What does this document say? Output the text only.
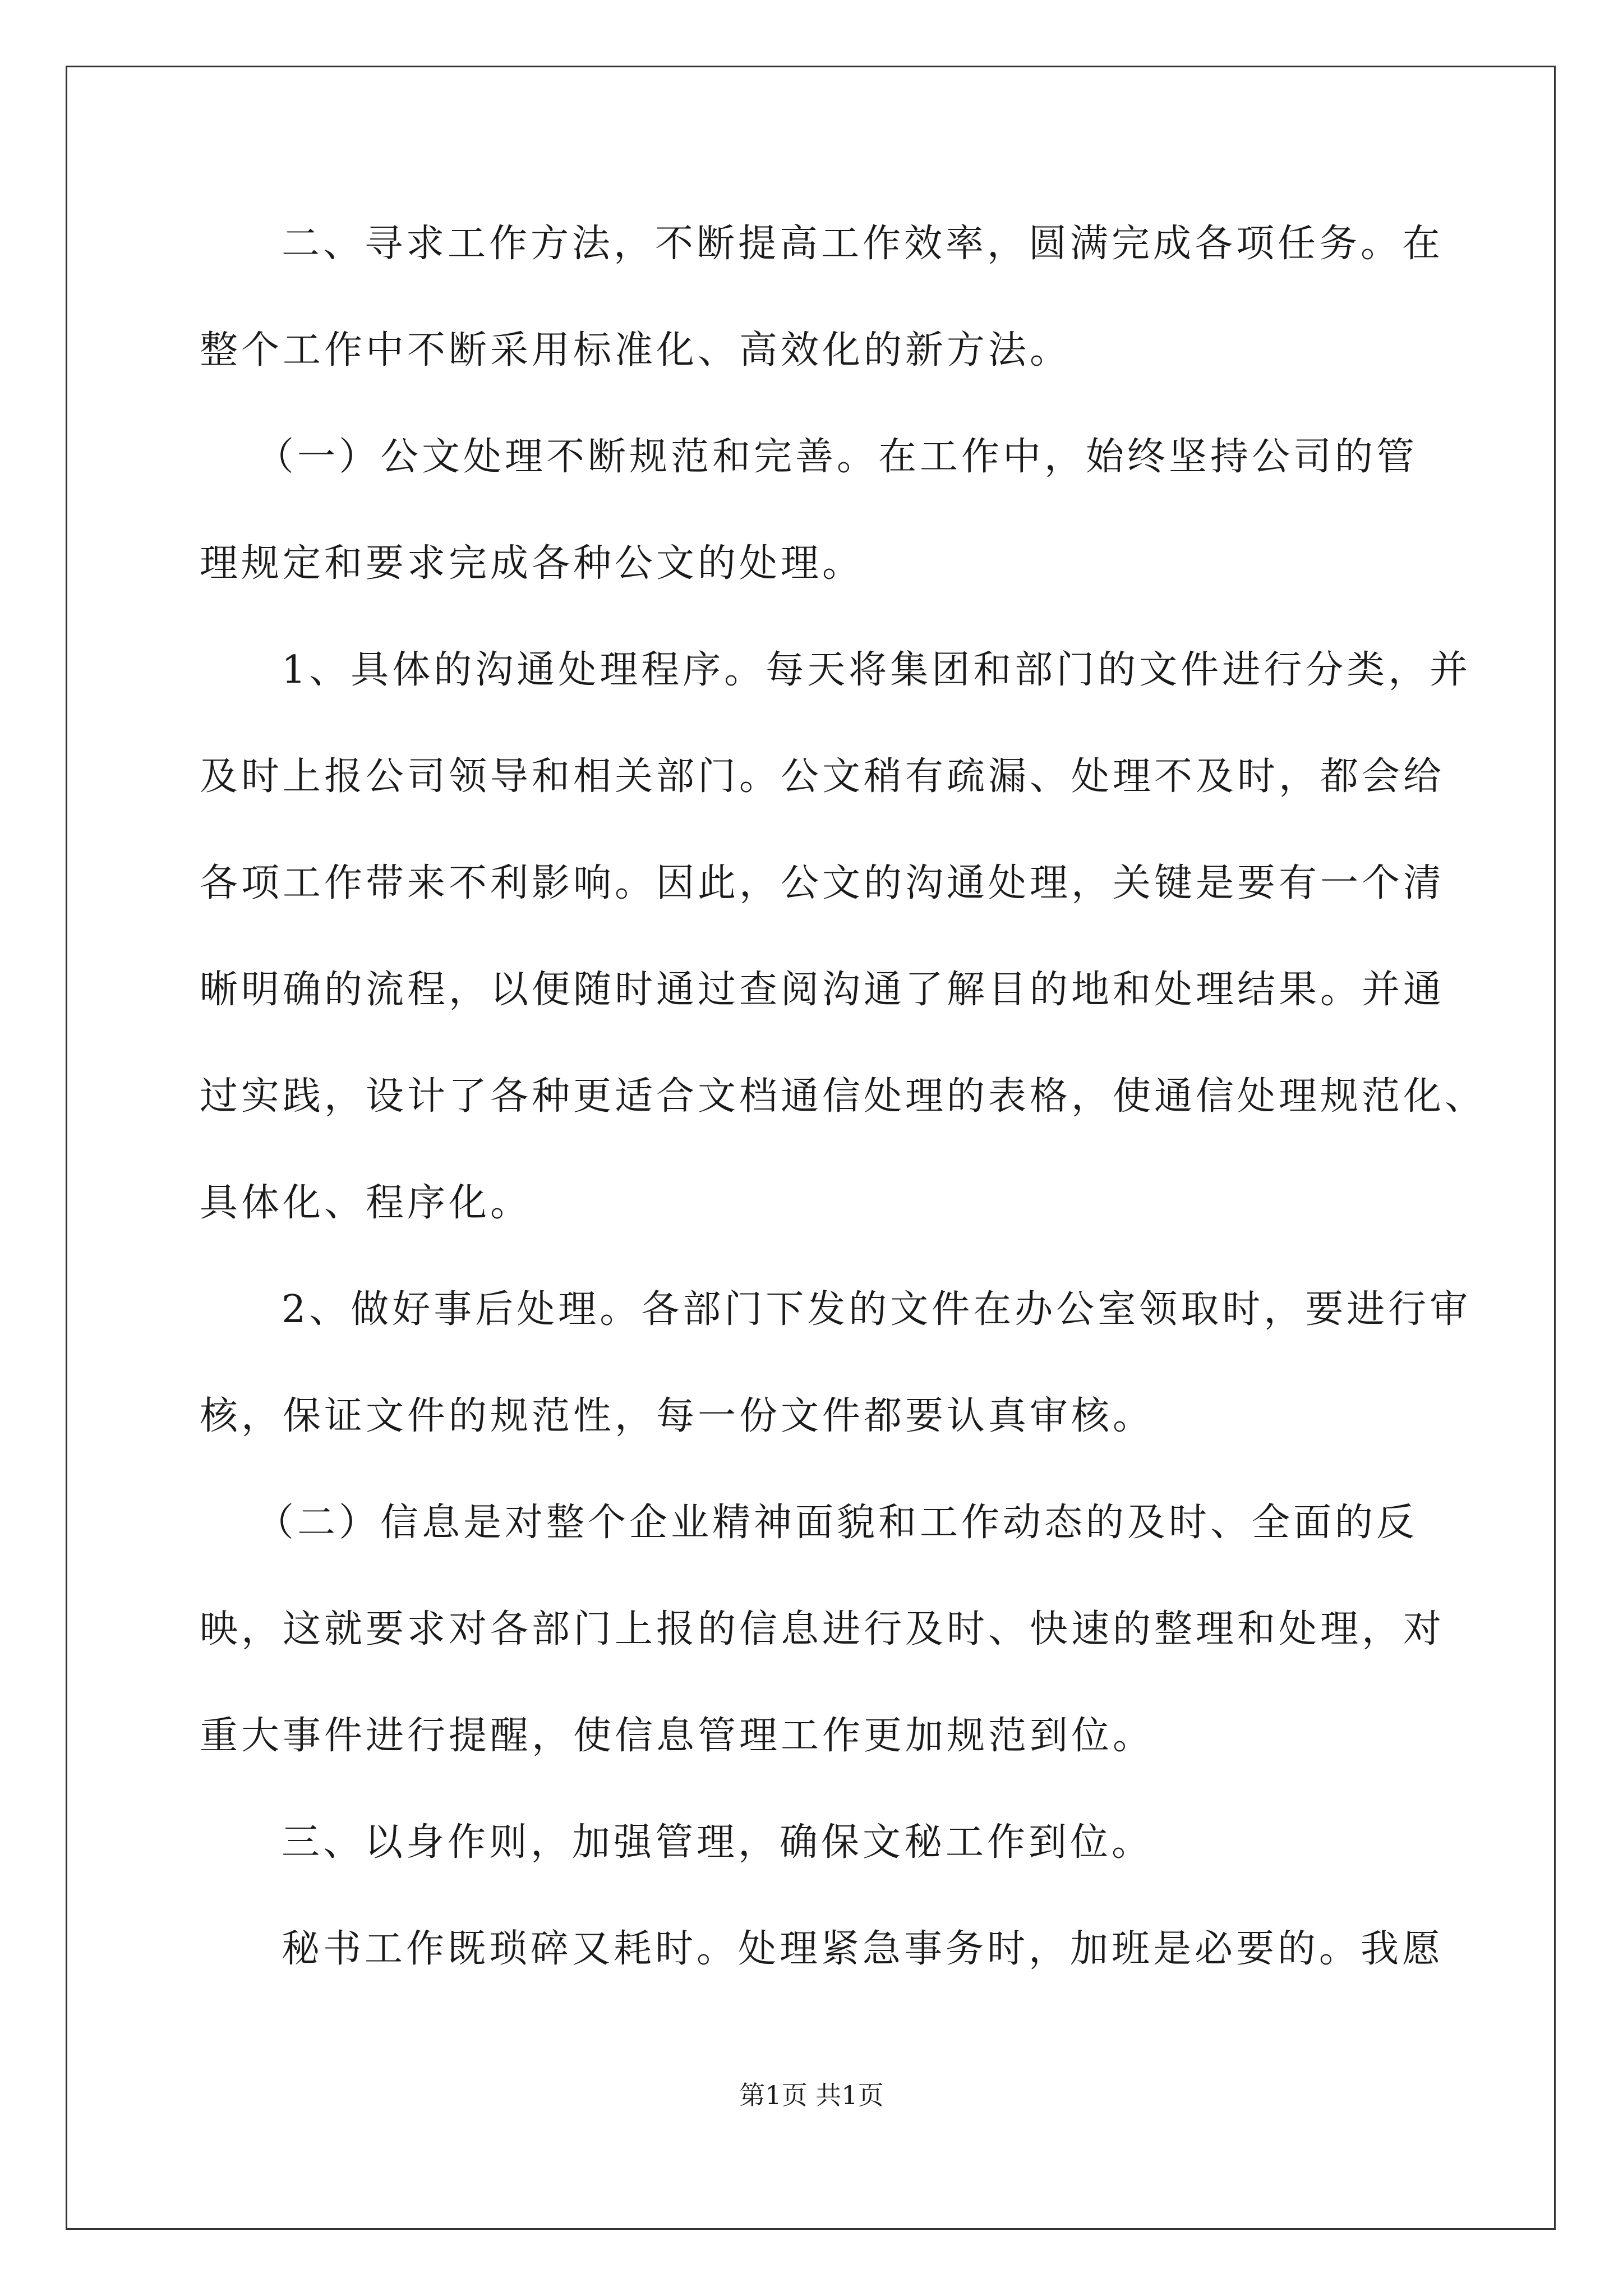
二、寻求工作方法，不断提高工作效率，圆满完成各项任务。在
整个工作中不断采用标准化、高效化的新方法。
（一）公文处理不断规范和完善。在工作中，始终坚持公司的管
理规定和要求完成各种公文的处理。
1、具体的沟通处理程序。每天将集团和部门的文件进行分类，并
及时上报公司领导和相关部门。公文稍有疏漏、处理不及时，都会给
各项工作带来不利影响。因此，公文的沟通处理，关键是要有一个清
晰明确的流程，以便随时通过查阅沟通了解目的地和处理结果。并通
过实践，设计了各种更适合文档通信处理的表格，使通信处理规范化、
具体化、程序化。
2、做好事后处理。各部门下发的文件在办公室领取时，要进行审
核，保证文件的规范性，每一份文件都要认真审核。
（二）信息是对整个企业精神面貌和工作动态的及时、全面的反
映，这就要求对各部门上报的信息进行及时、快速的整理和处理，对
重大事件进行提醒，使信息管理工作更加规范到位。
三、以身作则，加强管理，确保文秘工作到位。
秘书工作既琐碎又耗时。处理紧急事务时，加班是必要的。我愿
第1页 共1页
